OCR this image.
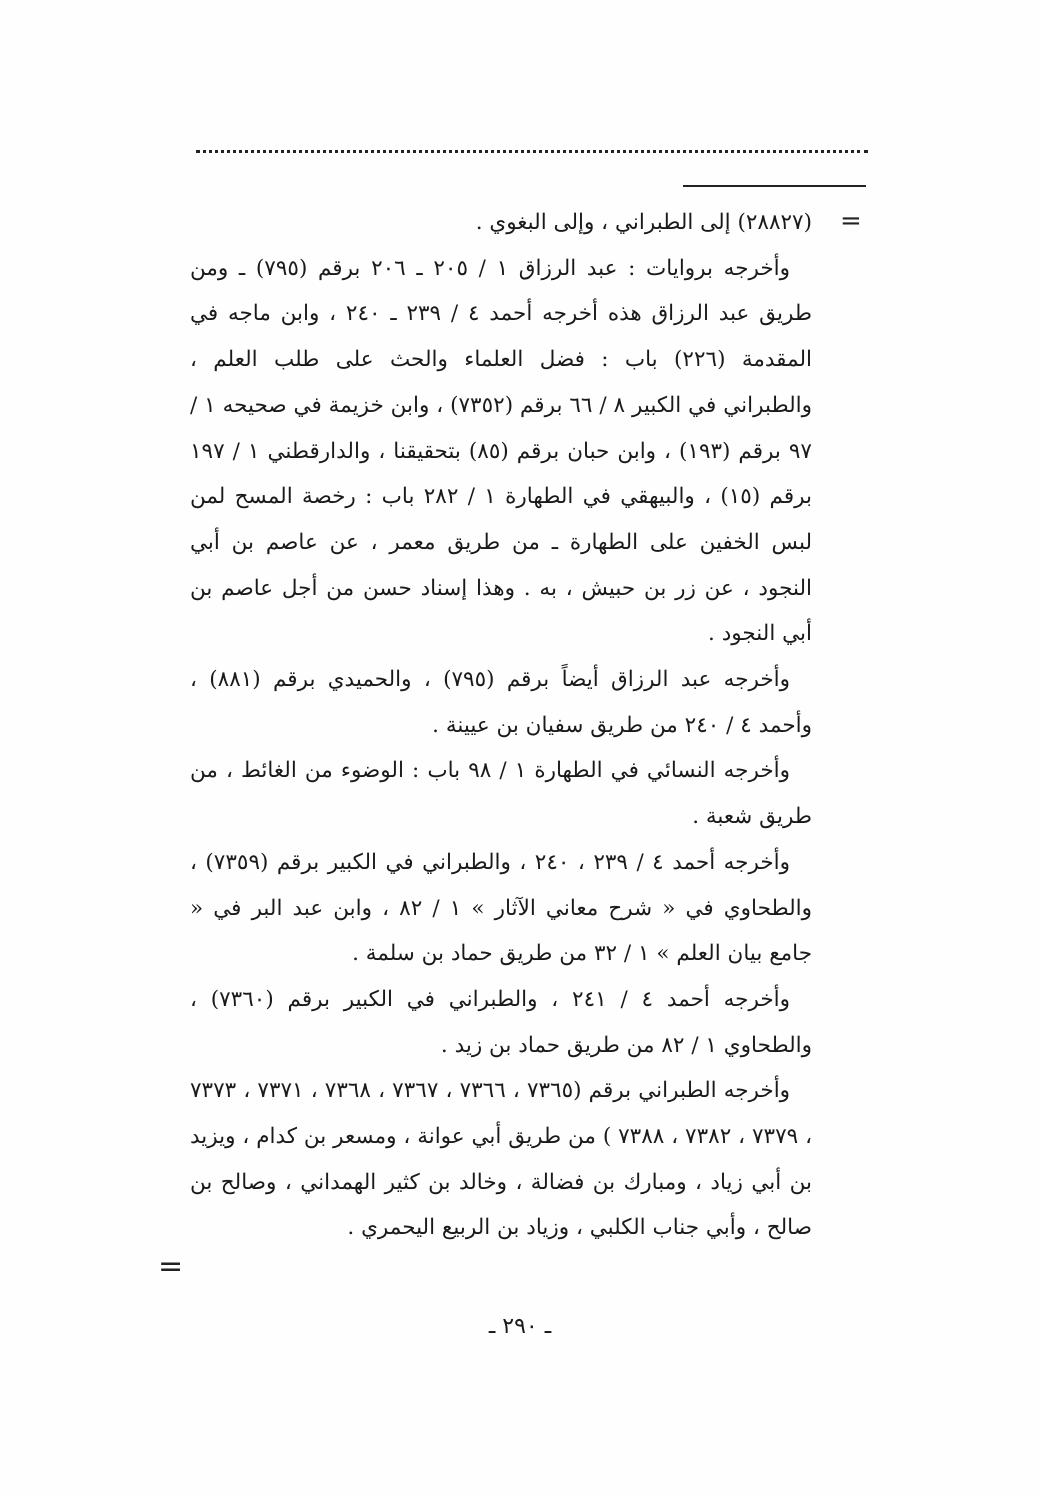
=

(٢٨٨٢٧) إلى الطبراني ، وإلى البغوي .

وأخرجه بروايات : عبد الرزاق ١ / ٢٠٥ ـ ٢٠٦ برقم (٧٩٥) ـ ومن طريق عبد الرزاق هذه أخرجه أحمد ٤ / ٢٣٩ ـ ٢٤٠ ، وابن ماجه في المقدمة (٢٢٦) باب : فضل العلماء والحث على طلب العلم ، والطبراني في الكبير ٨ / ٦٦ برقم (٧٣٥٢) ، وابن خزيمة في صحيحه ١ / ٩٧ برقم (١٩٣) ، وابن حبان برقم (٨٥) بتحقيقنا ، والدارقطني ١ / ١٩٧ برقم (١٥) ، والبيهقي في الطهارة ١ / ٢٨٢ باب : رخصة المسح لمن لبس الخفين على الطهارة ـ من طريق معمر ، عن عاصم بن أبي النجود ، عن زر بن حبيش ، به . وهذا إسناد حسن من أجل عاصم بن أبي النجود .

وأخرجه عبد الرزاق أيضاً برقم (٧٩٥) ، والحميدي برقم (٨٨١) ، وأحمد ٤ / ٢٤٠ من طريق سفيان بن عيينة .

وأخرجه النسائي في الطهارة ١ / ٩٨ باب : الوضوء من الغائط ، من طريق شعبة .

وأخرجه أحمد ٤ / ٢٣٩ ، ٢٤٠ ، والطبراني في الكبير برقم (٧٣٥٩) ، والطحاوي في « شرح معاني الآثار » ١ / ٨٢ ، وابن عبد البر في « جامع بيان العلم » ١ / ٣٢ من طريق حماد بن سلمة .

وأخرجه أحمد ٤ / ٢٤١ ، والطبراني في الكبير برقم (٧٣٦٠) ، والطحاوي ١ / ٨٢ من طريق حماد بن زيد .

وأخرجه الطبراني برقم (٧٣٦٥ ، ٧٣٦٦ ، ٧٣٦٧ ، ٧٣٦٨ ، ٧٣٧١ ، ٧٣٧٣ ، ٧٣٧٩ ، ٧٣٨٢ ، ٧٣٨٨ ) من طريق أبي عوانة ، ومسعر بن كدام ، ويزيد بن أبي زياد ، ومبارك بن فضالة ، وخالد بن كثير الهمداني ، وصالح بن صالح ، وأبي جناب الكلبي ، وزياد بن الربيع اليحمري .

=
ـ ٢٩٠ ـ
